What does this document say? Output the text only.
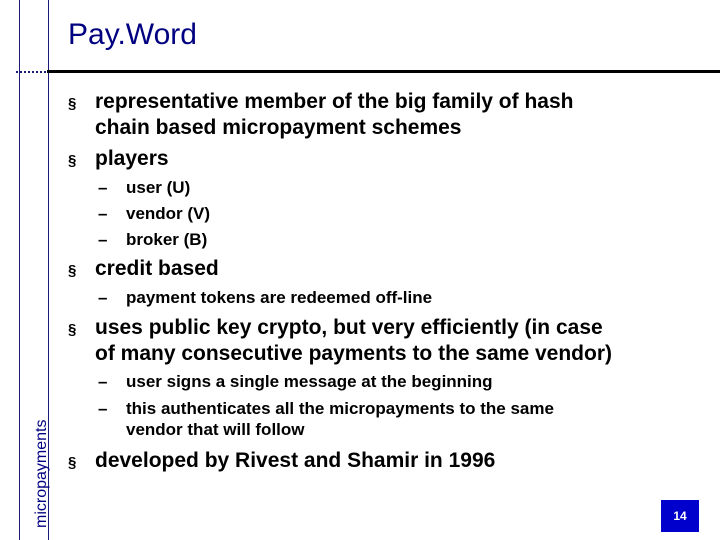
micropayments
Pay.Word
§ representative member of the big family of hash
chain based micropayment schemes
§ players
– user (U)
– vendor (V)
– broker (B)
§ credit based
– payment tokens are redeemed off-line
§ uses public key crypto, but very efficiently (in case
of many consecutive payments to the same vendor)
– user signs a single message at the beginning
– this authenticates all the micropayments to the same
vendor that will follow
§ developed by Rivest and Shamir in 1996
14
